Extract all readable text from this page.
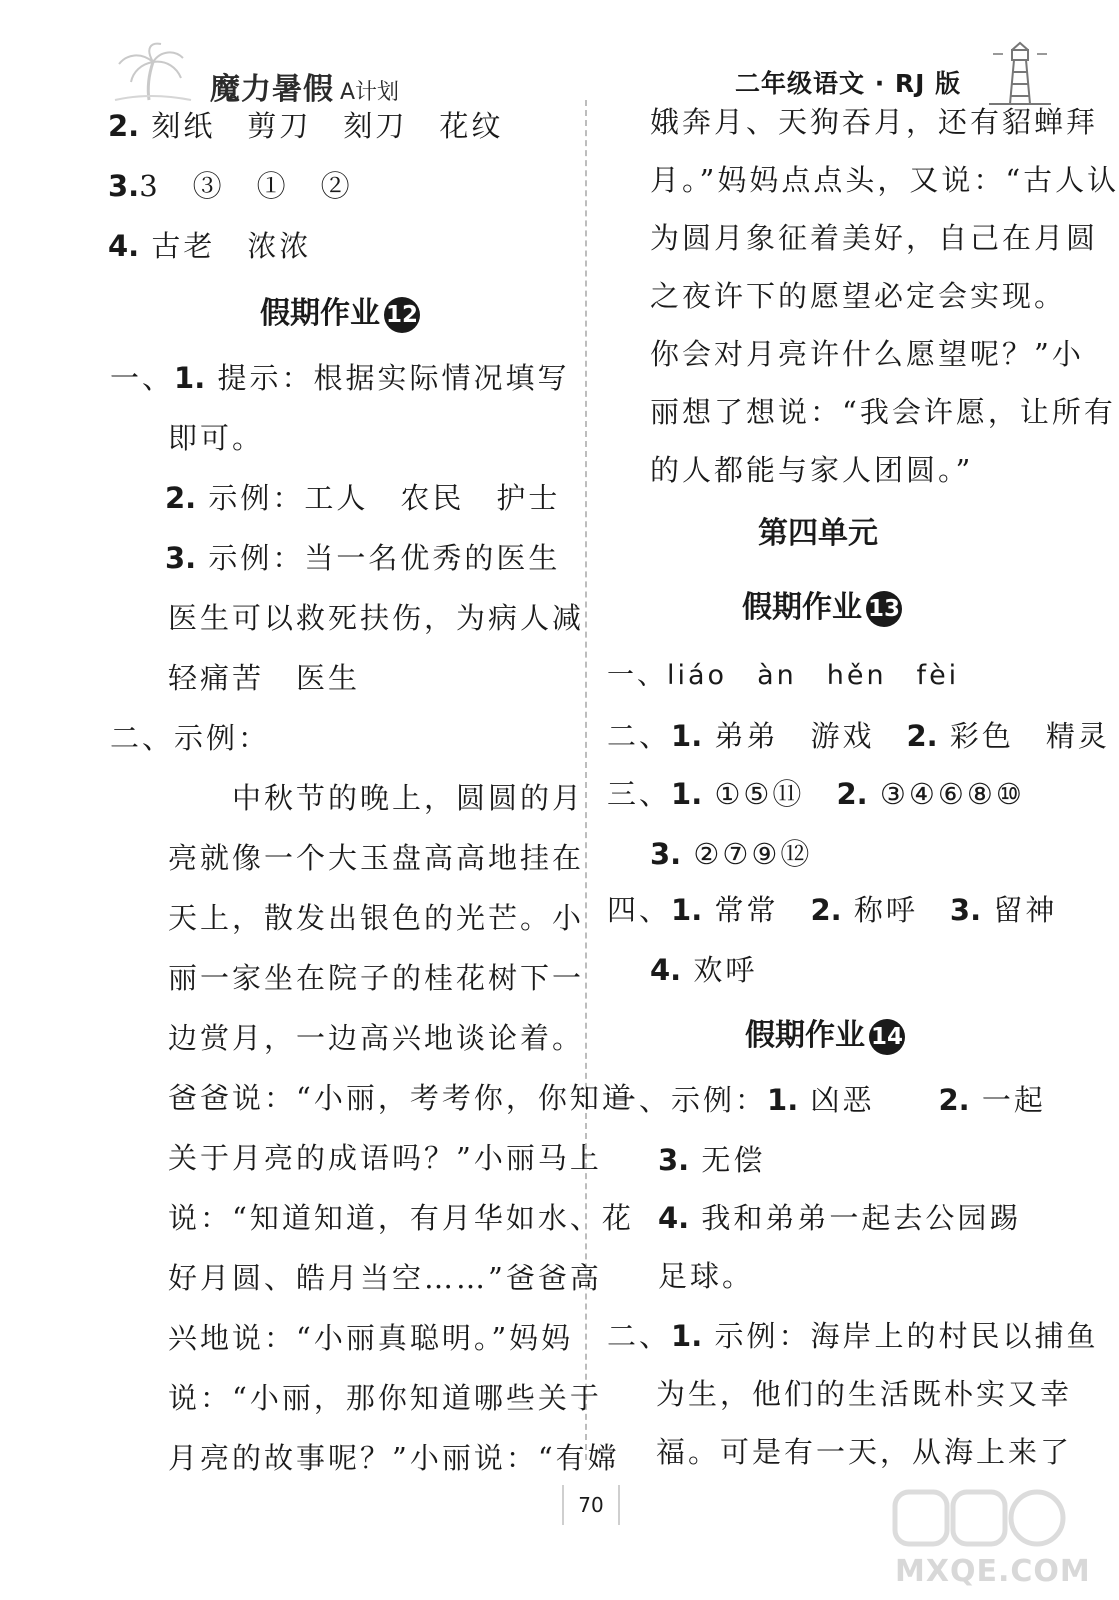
魔力暑假 A计划	二年级语文 · RJ 版
2. 刻纸　剪刀　刻刀　花纹
3.3　③　①　②
4. 古老　浓浓
假期作业 12
一、1. 提示：根据实际情况填写
即可。
2. 示例：工人　农民　护士
3. 示例：当一名优秀的医生
医生可以救死扶伤，为病人减
轻痛苦　医生
二、示例：
　　中秋节的晚上，圆圆的月
亮就像一个大玉盘高高地挂在
天上，散发出银色的光芒。小
丽一家坐在院子的桂花树下一
边赏月，一边高兴地谈论着。
爸爸说：“小丽，考考你，你知道
关于月亮的成语吗？”小丽马上
说：“知道知道，有月华如水、花
好月圆、皓月当空……”爸爸高
兴地说：“小丽真聪明。”妈妈
说：“小丽，那你知道哪些关于
月亮的故事呢？”小丽说：“有嫦
娥奔月、天狗吞月，还有貂蝉拜
月。”妈妈点点头，又说：“古人认
为圆月象征着美好，自己在月圆
之夜许下的愿望必定会实现。
你会对月亮许什么愿望呢？”小
丽想了想说：“我会许愿，让所有
的人都能与家人团圆。”
第四单元
假期作业 13
一、liáo　àn　hěn　fèi
二、1. 弟弟　游戏　2. 彩色　精灵
三、1. ①⑤⑪　2. ③④⑥⑧⑩
3. ②⑦⑨⑫
四、1. 常常　2. 称呼　3. 留神
4. 欢呼
假期作业 14
一、示例：1. 凶恶　　2. 一起
3. 无偿
4. 我和弟弟一起去公园踢
足球。
二、1. 示例：海岸上的村民以捕鱼
为生，他们的生活既朴实又幸
福。可是有一天，从海上来了
70
MXQE.COM
